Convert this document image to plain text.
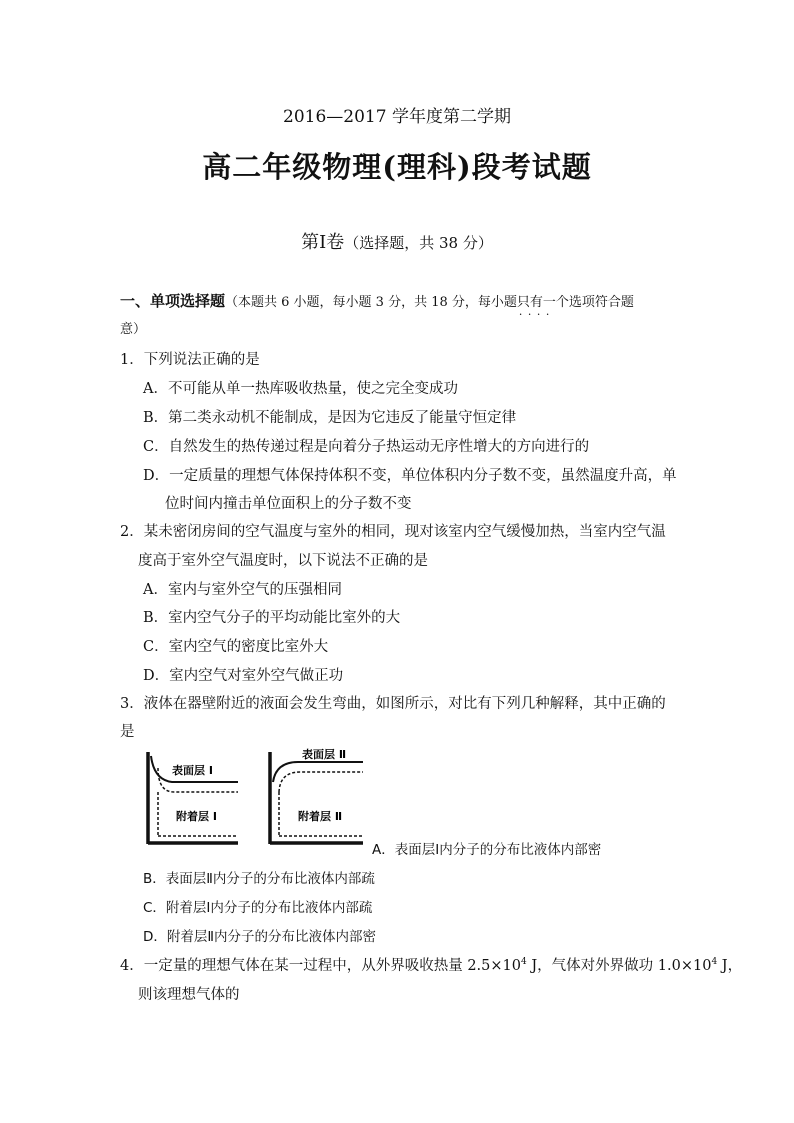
2016—2017 学年度第二学期
高二年级物理(理科)段考试题
第Ⅰ卷（选择题，共 38 分）
一、单项选择题（本题共 6 小题，每小题 3 分，共 18 分，每小题只有一个 · · · ·选项符合题
意）
1．下列说法正确的是
A．不可能从单一热库吸收热量，使之完全变成功
B．第二类永动机不能制成，是因为它违反了能量守恒定律
C．自然发生的热传递过程是向着分子热运动无序性增大的方向进行的
D．一定质量的理想气体保持体积不变，单位体积内分子数不变，虽然温度升高，单
位时间内撞击单位面积上的分子数不变
2．某未密闭房间的空气温度与室外的相同，现对该室内空气缓慢加热，当室内空气温
度高于室外空气温度时，以下说法不正确的是
A．室内与室外空气的压强相同
B．室内空气分子的平均动能比室外的大
C．室内空气的密度比室外大
D．室内空气对室外空气做正功
3．液体在器壁附近的液面会发生弯曲，如图所示，对比有下列几种解释，其中正确的
是
表面层 Ⅰ
附着层 Ⅰ
表面层 Ⅱ
附着层 Ⅱ
A．表面层Ⅰ内分子的分布比液体内部密
B．表面层Ⅱ内分子的分布比液体内部疏
C．附着层Ⅰ内分子的分布比液体内部疏
D．附着层Ⅱ内分子的分布比液体内部密
4．一定量的理想气体在某一过程中，从外界吸收热量 $2.5\times 10^4$ J，气体对外界做功 $1.0\times 10^4$ J，
则该理想气体的
